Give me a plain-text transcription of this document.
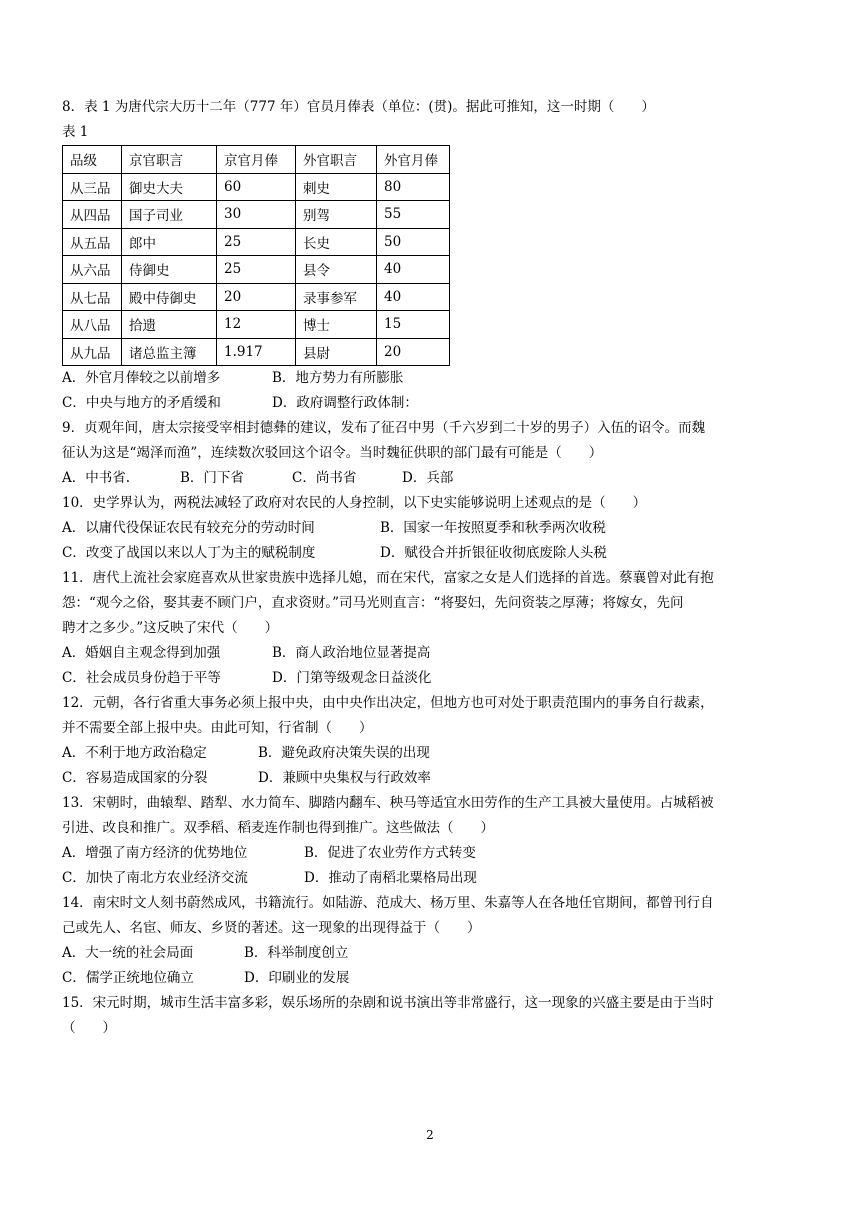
8．表 1 为唐代宗大历十二年（777 年）官员月俸表（单位：(贯)。据此可推知，这一时期（　　）
表 1
品级	京官职言	京官月俸	外官职言	外官月俸
从三品	御史大夫	60	刺史	80
从四品	国子司业	30	别驾	55
从五品	郎中	25	长史	50
从六品	侍御史	25	县令	40
从七品	殿中侍御史	20	录事参军	40
从八品	拾遗	12	博士	15
从九品	诸总监主簿	1.917	县尉	20
A．外官月俸较之以前增多	B．地方势力有所膨胀
C．中央与地方的矛盾缓和	D．政府调整行政体制：
9．贞观年间，唐太宗接受宰相封德彝的建议，发布了征召中男（千六岁到二十岁的男子）入伍的诏令。而魏
征认为这是“竭泽而渔”，连续数次驳回这个诏令。当时魏征供职的部门最有可能是（　　）
A．中书省.	B．门下省	C．尚书省	D．兵部
10．史学界认为，两税法减轻了政府对农民的人身控制，以下史实能够说明上述观点的是（　　）
A．以庸代役保证农民有较充分的劳动时间	B．国家一年按照夏季和秋季两次收税
C．改变了战国以来以人丁为主的赋税制度	D．赋役合并折银征收彻底废除人头税
11．唐代上流社会家庭喜欢从世家贵族中选择儿媳，而在宋代，富家之女是人们选择的首选。蔡襄曾对此有抱
怨：“观今之俗，娶其妻不顾门户，直求资财。”司马光则直言：“将娶妇，先问资装之厚薄；将嫁女，先问
聘才之多少。”这反映了宋代（　　）
A．婚姻自主观念得到加强	B．商人政治地位显著提高
C．社会成员身份趋于平等	D．门第等级观念日益淡化
12．元朝，各行省重大事务必须上报中央，由中央作出决定，但地方也可对处于职责范围内的事务自行裁素，
并不需要全部上报中央。由此可知，行省制（　　）
A．不利于地方政治稳定	B．避免政府决策失误的出现
C．容易造成国家的分裂	D．兼顾中央集权与行政效率
13．宋朝时，曲辕犁、踏犁、水力简车、脚踏内翻车、秧马等适宜水田劳作的生产工具被大量使用。占城稻被
引进、改良和推广。双季稻、稻麦连作制也得到推广。这些做法（　　）
A．增强了南方经济的优势地位	B．促进了农业劳作方式转变
C．加快了南北方农业经济交流	D．推动了南稻北粟格局出现
14．南宋时文人刻书蔚然成风，书籍流行。如陆游、范成大、杨万里、朱嘉等人在各地任官期间，都曾刊行自
己或先人、名宦、师友、乡贤的著述。这一现象的出现得益于（　　）
A．大一统的社会局面	B．科举制度创立
C．儒学正统地位确立	D．印刷业的发展
15．宋元时期，城市生活丰富多彩，娱乐场所的杂剧和说书演出等非常盛行，这一现象的兴盛主要是由于当时
（　　）
2
